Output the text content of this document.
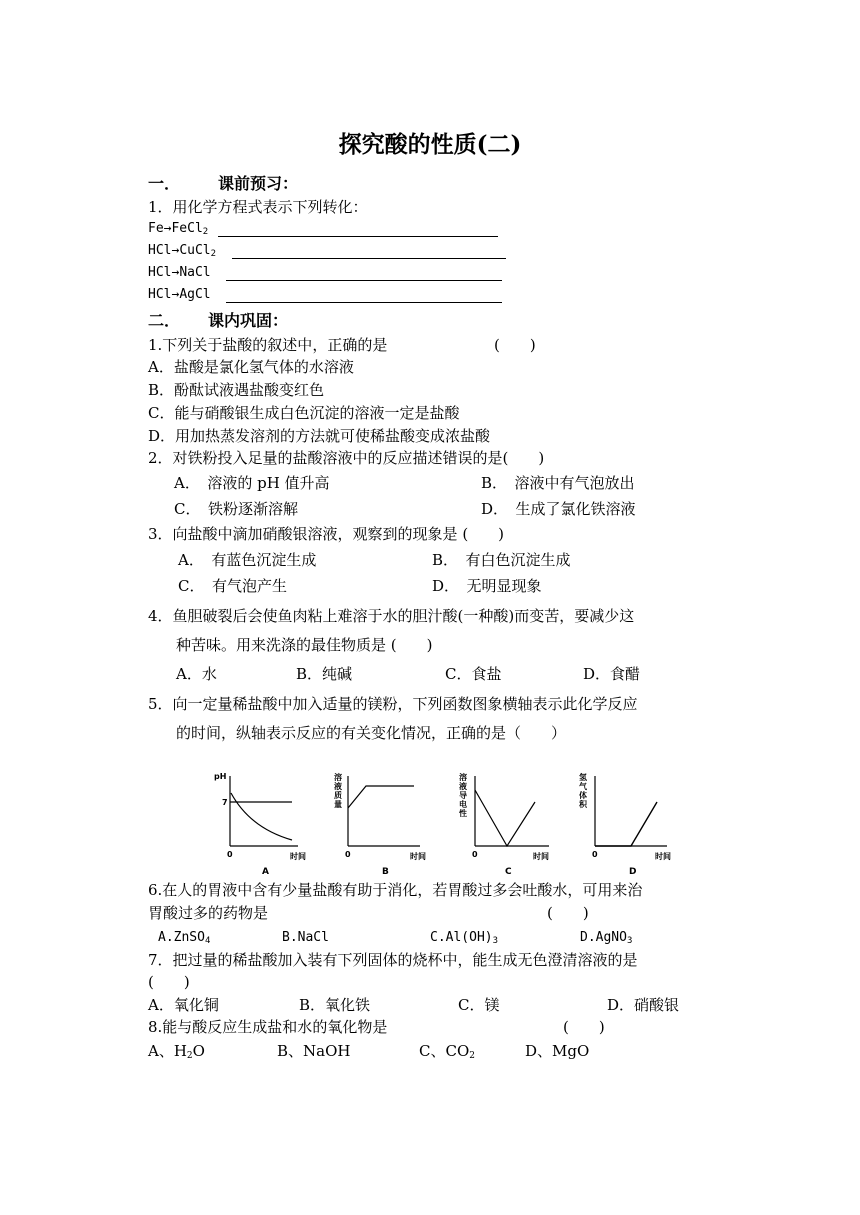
探究酸的性质(二)
一． 课前预习：
1．用化学方程式表示下列转化：
Fe→FeCl$_2$
HCl→CuCl$_2$
HCl→NaCl
HCl→AgCl
二． 课内巩固：
1.下列关于盐酸的叙述中，正确的是	(　　)
A．盐酸是氯化氢气体的水溶液
B．酚酞试液遇盐酸变红色
C．能与硝酸银生成白色沉淀的溶液一定是盐酸
D．用加热蒸发溶剂的方法就可使稀盐酸变成浓盐酸
2．对铁粉投入足量的盐酸溶液中的反应描述错误的是(　　)
A．　溶液的 pH 值升高	B．　溶液中有气泡放出
C．　铁粉逐渐溶解	D．　生成了氯化铁溶液
3．向盐酸中滴加硝酸银溶液，观察到的现象是 (　　)
A．　有蓝色沉淀生成	B．　有白色沉淀生成
C．　有气泡产生	D．　无明显现象
4．鱼胆破裂后会使鱼肉粘上难溶于水的胆汁酸(一种酸)而变苦，要减少这
种苦味。用来洗涤的最佳物质是 (　　)
A．水	B．纯碱	C．食盐	D．食醋
5．向一定量稀盐酸中加入适量的镁粉，下列函数图象横轴表示此化学反应
的时间，纵轴表示反应的有关变化情况，正确的是（　　）
pH
7
0	时间
A
溶液质量
0	时间
B
溶液导电性
0	时间
C
氢气体积
0	时间
D
6.在人的胃液中含有少量盐酸有助于消化，若胃酸过多会吐酸水，可用来治
胃酸过多的药物是	(　　)
A.ZnSO$_4$	B.NaCl	$C.Al(OH)_3$	D.AgNO$_3$
7．把过量的稀盐酸加入装有下列固体的烧杯中，能生成无色澄清溶液的是
(　　)
A．氧化铜	B．氧化铁	C．镁	D．硝酸银
8.能与酸反应生成盐和水的氧化物是	(　　)
A、$H_2O$	B、NaOH	C、$CO_2$	D、MgO
